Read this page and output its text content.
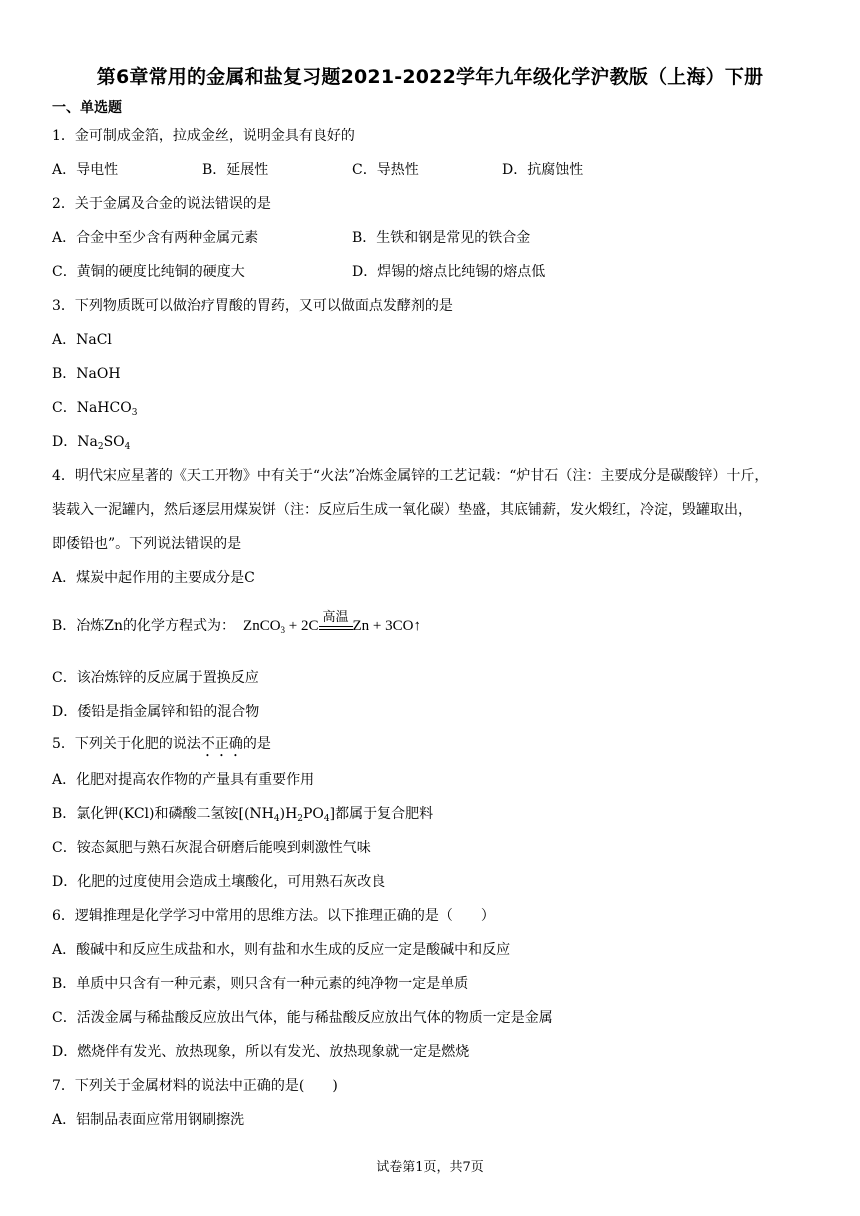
第6章常用的金属和盐复习题2021-2022学年九年级化学沪教版（上海）下册
一、单选题
1．金可制成金箔，拉成金丝，说明金具有良好的
A．导电性	B．延展性	C．导热性	D．抗腐蚀性
2．关于金属及合金的说法错误的是
A．合金中至少含有两种金属元素	B．生铁和钢是常见的铁合金
C．黄铜的硬度比纯铜的硬度大	D．焊锡的熔点比纯锡的熔点低
3．下列物质既可以做治疗胃酸的胃药，又可以做面点发酵剂的是
A．NaCl
B．NaOH
C．NaHCO$_3$
D．$Na_2SO_4$
4．明代宋应星著的《天工开物》中有关于“火法”冶炼金属锌的工艺记载：“炉甘石（注：主要成分是碳酸锌）十斤，
装载入一泥罐内，然后逐层用煤炭饼（注：反应后生成一氧化碳）垫盛，其底铺薪，发火煅红，冷淀，毁罐取出，
即倭铅也”。下列说法错误的是
A．煤炭中起作用的主要成分是C
B．冶炼Zn的化学方程式为： ZnCO$_3$ + 2C
高温
Zn + 3CO↑
C．该冶炼锌的反应属于置换反应
D．倭铅是指金属锌和铅的混合物
5．下列关于化肥的说法不正确的是
A．化肥对提高农作物的产量具有重要作用
B．氯化钾(KCl)和磷酸二氢铵$[(NH_4)H_2PO_4]$都属于复合肥料
C．铵态氮肥与熟石灰混合研磨后能嗅到刺激性气味
D．化肥的过度使用会造成土壤酸化，可用熟石灰改良
6．逻辑推理是化学学习中常用的思维方法。以下推理正确的是（　　）
A．酸碱中和反应生成盐和水，则有盐和水生成的反应一定是酸碱中和反应
B．单质中只含有一种元素，则只含有一种元素的纯净物一定是单质
C．活泼金属与稀盐酸反应放出气体，能与稀盐酸反应放出气体的物质一定是金属
D．燃烧伴有发光、放热现象，所以有发光、放热现象就一定是燃烧
7．下列关于金属材料的说法中正确的是(　　)
A．铝制品表面应常用钢刷擦洗
试卷第1页，共7页
